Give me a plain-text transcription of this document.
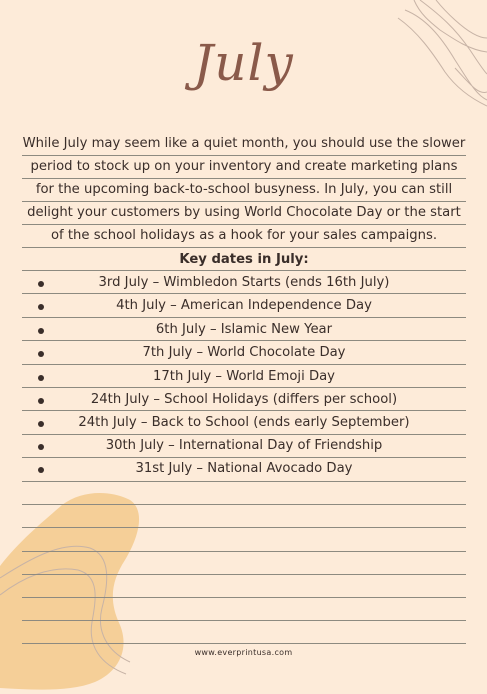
July
While July may seem like a quiet month, you should use the slower
period to stock up on your inventory and create marketing plans
for the upcoming back-to-school busyness. In July, you can still
delight your customers by using World Chocolate Day or the start
of the school holidays as a hook for your sales campaigns.
Key dates in July:
3rd July – Wimbledon Starts (ends 16th July)
4th July – American Independence Day
6th July – Islamic New Year
7th July – World Chocolate Day
17th July – World Emoji Day
24th July – School Holidays (differs per school)
24th July – Back to School (ends early September)
30th July – International Day of Friendship
31st July – National Avocado Day
www.everprintusa.com
